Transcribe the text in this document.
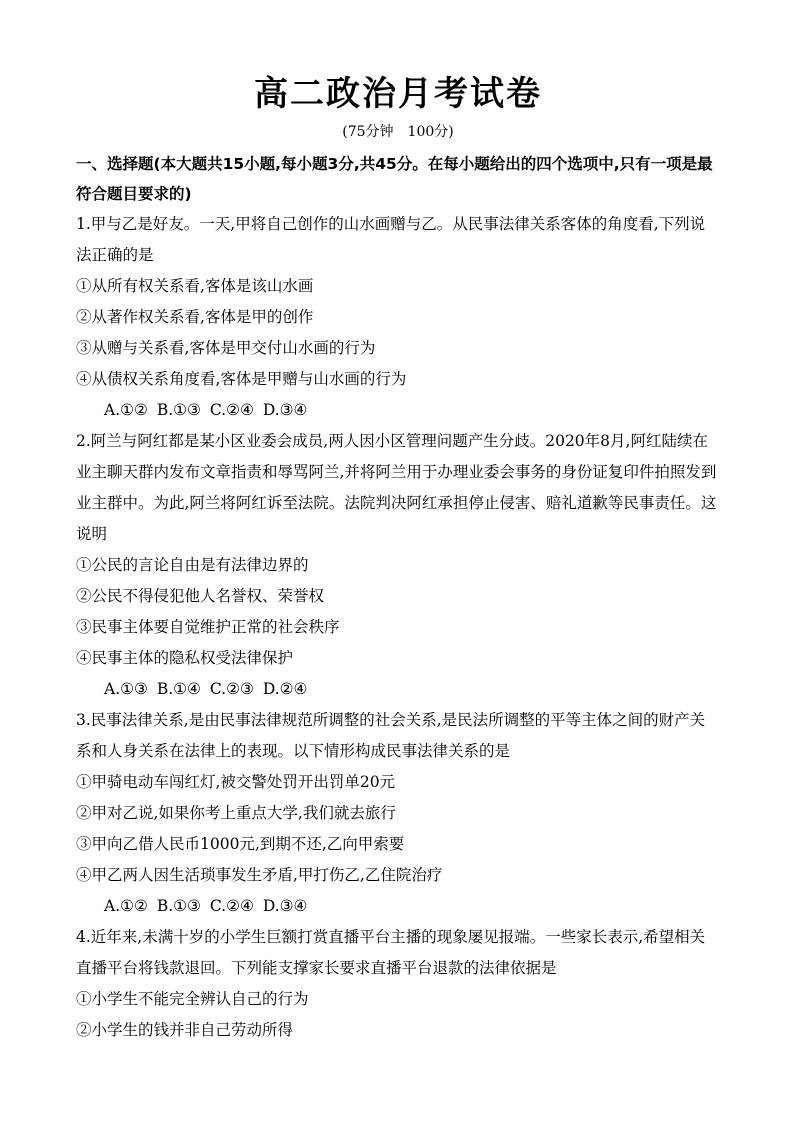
高二政治月考试卷
(75分钟　100分)
一、选择题(本大题共15小题,每小题3分,共45分。在每小题给出的四个选项中,只有一项是最符合题目要求的)
1.甲与乙是好友。一天,甲将自己创作的山水画赠与乙。从民事法律关系客体的角度看,下列说法正确的是
①从所有权关系看,客体是该山水画
②从著作权关系看,客体是甲的创作
③从赠与关系看,客体是甲交付山水画的行为
④从债权关系角度看,客体是甲赠与山水画的行为
A.①② B.①③ C.②④ D.③④
2.阿兰与阿红都是某小区业委会成员,两人因小区管理问题产生分歧。2020年8月,阿红陆续在业主聊天群内发布文章指责和辱骂阿兰,并将阿兰用于办理业委会事务的身份证复印件拍照发到业主群中。为此,阿兰将阿红诉至法院。法院判决阿红承担停止侵害、赔礼道歉等民事责任。这说明
①公民的言论自由是有法律边界的
②公民不得侵犯他人名誉权、荣誉权
③民事主体要自觉维护正常的社会秩序
④民事主体的隐私权受法律保护
A.①③ B.①④ C.②③ D.②④
3.民事法律关系,是由民事法律规范所调整的社会关系,是民法所调整的平等主体之间的财产关系和人身关系在法律上的表现。以下情形构成民事法律关系的是
①甲骑电动车闯红灯,被交警处罚开出罚单20元
②甲对乙说,如果你考上重点大学,我们就去旅行
③甲向乙借人民币1000元,到期不还,乙向甲索要
④甲乙两人因生活琐事发生矛盾,甲打伤乙,乙住院治疗
A.①② B.①③ C.②④ D.③④
4.近年来,未满十岁的小学生巨额打赏直播平台主播的现象屡见报端。一些家长表示,希望相关直播平台将钱款退回。下列能支撑家长要求直播平台退款的法律依据是
①小学生不能完全辨认自己的行为
②小学生的钱并非自己劳动所得
